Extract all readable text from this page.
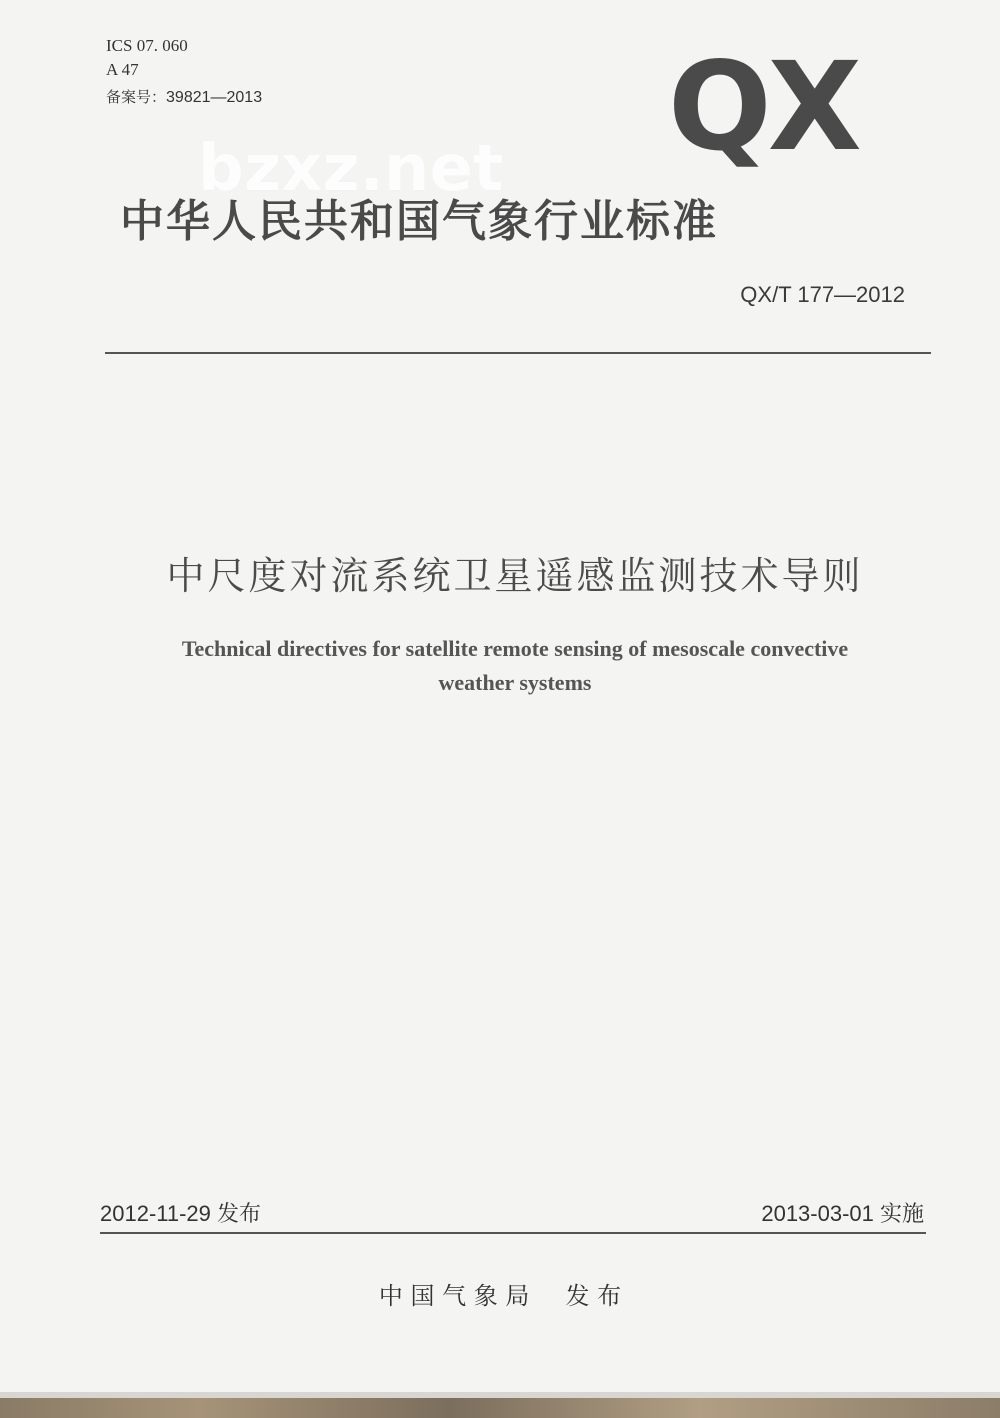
ICS 07. 060
A 47
备案号：39821—2013	QX
bzxz.net
中华人民共和国气象行业标准
QX/T 177—2012
中尺度对流系统卫星遥感监测技术导则
Technical directives for satellite remote sensing of mesoscale convective
weather systems
2012-11-29 发布	2013-03-01 实施
中 国 气 象 局 发 布
